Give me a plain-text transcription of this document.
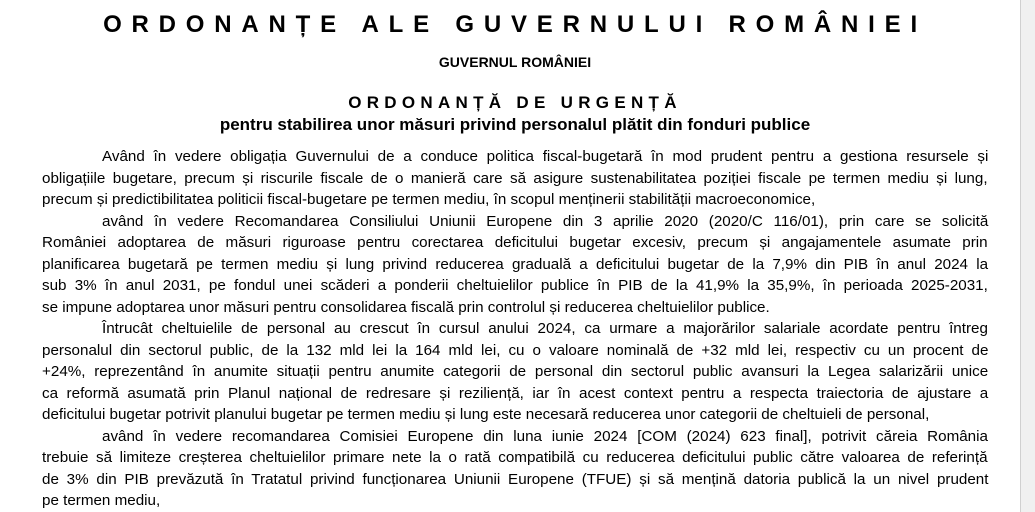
ORDONANȚE ALE GUVERNULUI ROMÂNIEI
GUVERNUL ROMÂNIEI
ORDONANȚĂ DE URGENȚĂ
pentru stabilirea unor măsuri privind personalul plătit din fonduri publice
Având în vedere obligația Guvernului de a conduce politica fiscal-bugetară în mod prudent pentru a gestiona resursele și
obligațiile bugetare, precum și riscurile fiscale de o manieră care să asigure sustenabilitatea poziției fiscale pe termen mediu și lung,
precum și predictibilitatea politicii fiscal-bugetare pe termen mediu, în scopul menținerii stabilității macroeconomice,
având în vedere Recomandarea Consiliului Uniunii Europene din 3 aprilie 2020 (2020/C 116/01), prin care se solicită
României adoptarea de măsuri riguroase pentru corectarea deficitului bugetar excesiv, precum și angajamentele asumate prin
planificarea bugetară pe termen mediu și lung privind reducerea graduală a deficitului bugetar de la 7,9% din PIB în anul 2024 la
sub 3% în anul 2031, pe fondul unei scăderi a ponderii cheltuielilor publice în PIB de la 41,9% la 35,9%, în perioada 2025-2031,
se impune adoptarea unor măsuri pentru consolidarea fiscală prin controlul și reducerea cheltuielilor publice.
Întrucât cheltuielile de personal au crescut în cursul anului 2024, ca urmare a majorărilor salariale acordate pentru întreg
personalul din sectorul public, de la 132 mld lei la 164 mld lei, cu o valoare nominală de +32 mld lei, respectiv cu un procent de
+24%, reprezentând în anumite situații pentru anumite categorii de personal din sectorul public avansuri la Legea salarizării unice
ca reformă asumată prin Planul național de redresare și reziliență, iar în acest context pentru a respecta traiectoria de ajustare a
deficitului bugetar potrivit planului bugetar pe termen mediu și lung este necesară reducerea unor categorii de cheltuieli de personal,
având în vedere recomandarea Comisiei Europene din luna iunie 2024 [COM (2024) 623 final], potrivit căreia România
trebuie să limiteze creșterea cheltuielilor primare nete la o rată compatibilă cu reducerea deficitului public către valoarea de referință
de 3% din PIB prevăzută în Tratatul privind funcționarea Uniunii Europene (TFUE) și să mențină datoria publică la un nivel prudent
pe termen mediu,
